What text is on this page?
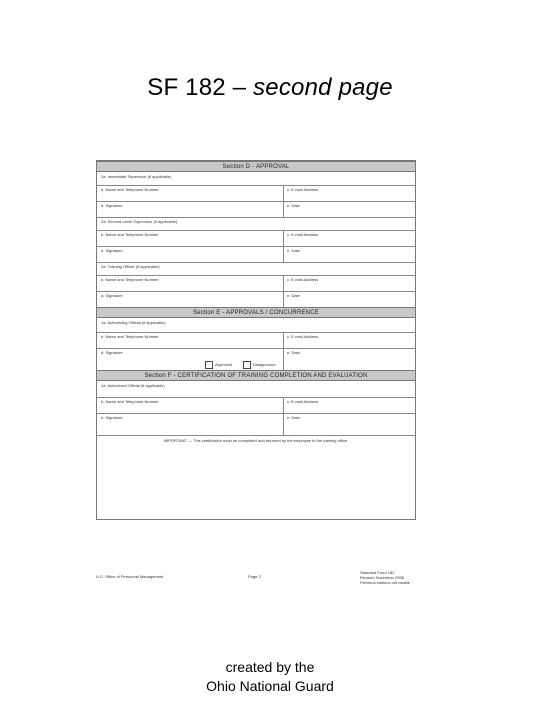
SF 182 – second page
Section D - APPROVAL
1a. Immediate Supervisor (if applicable)
b. Name and Telephone Number	c. E-mail Address
d. Signature	e. Date
2a. Second-Level Supervisor (if applicable)
b. Name and Telephone Number	c. E-mail Address
d. Signature	e. Date
3a. Training Officer (if applicable)
b. Name and Telephone Number	c. E-mail Address
d. Signature	e. Date
Section E - APPROVALS / CONCURRENCE
1a. Authorizing Official (if applicable)
b. Name and Telephone Number	c. E-mail Address
d. Signature	e. Date
Approved	Disapproved
Section F - CERTIFICATION OF TRAINING COMPLETION AND EVALUATION
1a. Authorized Official (if applicable)
b. Name and Telephone Number	c. E-mail Address
d. Signature	e. Date
IMPORTANT — This certification must be completed and returned by the employee to the training office.
U.S. Office of Personnel Management	Page 2
Standard Form 182
Revised November 2006
Previous editions not usable
created by the
Ohio National Guard
